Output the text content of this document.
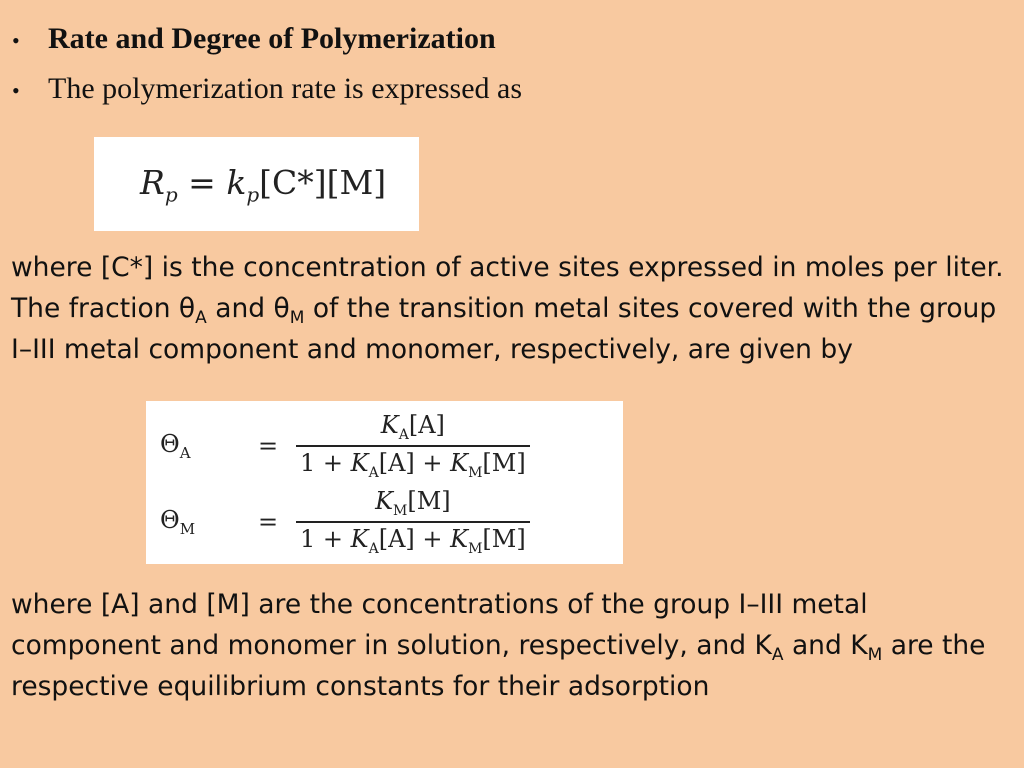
• Rate and Degree of Polymerization
• The polymerization rate is expressed as
$R_p = k_p[C*][M]$

where [C*] is the concentration of active sites expressed in moles per liter. The fraction $\theta_A$ and $\theta_M$ of the transition metal sites covered with the group I–III metal component and monomer, respectively, are given by

$\Theta_A$	= $\frac{K_A[A]}{1 + K_A[A] + K_M[M]}$
$\Theta_M$	= $\frac{K_M[M]}{1 + K_A[A] + K_M[M]}$

where [A] and [M] are the concentrations of the group I–III metal component and monomer in solution, respectively, and $K_A$ and $K_M$ are the respective equilibrium constants for their adsorption
